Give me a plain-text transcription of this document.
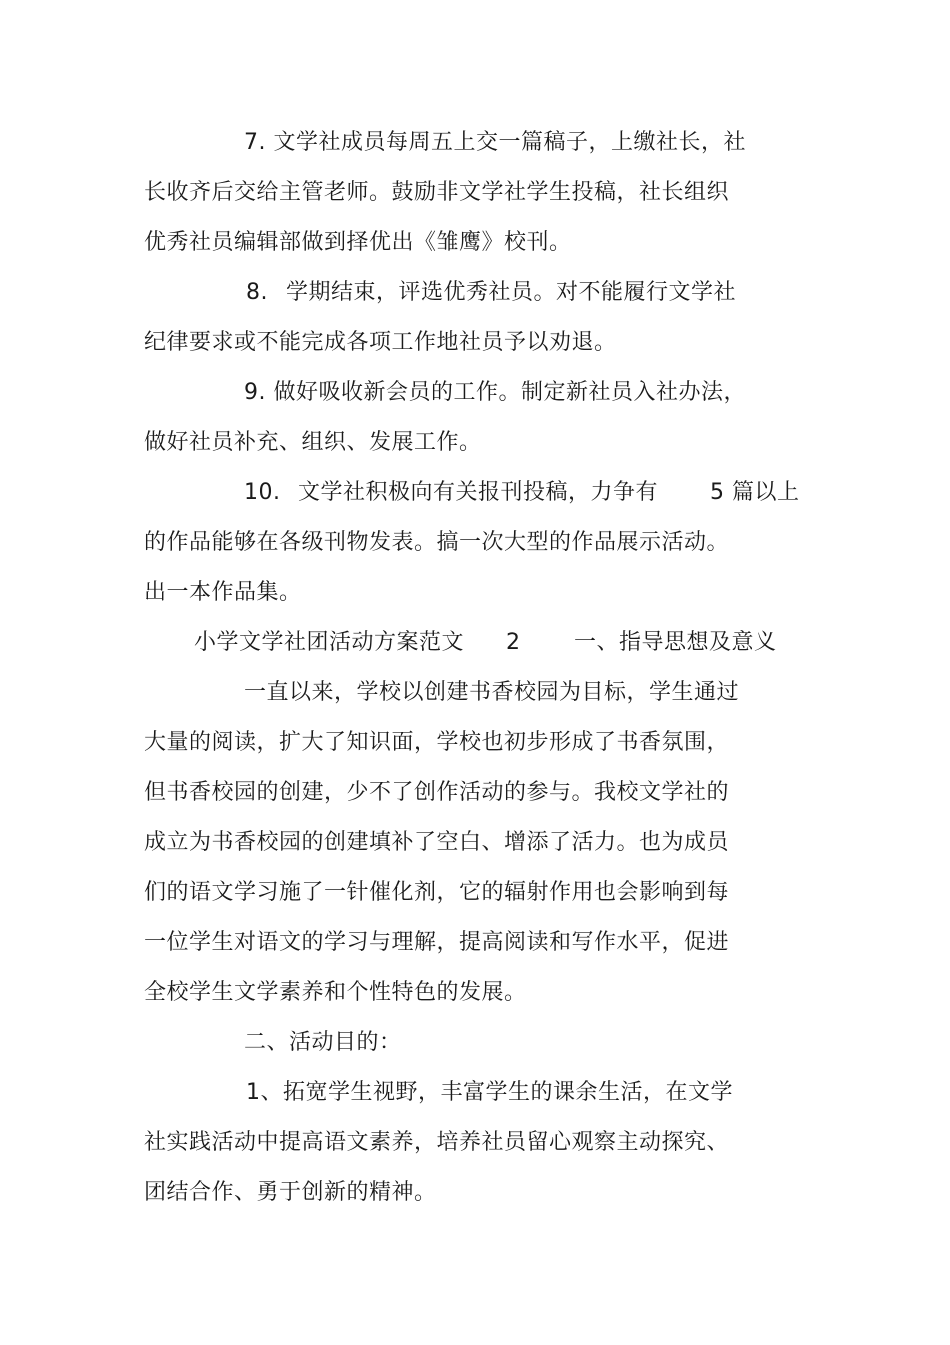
7. 文学社成员每周五上交一篇稿子，上缴社长，社
长收齐后交给主管老师。鼓励非文学社学生投稿，社长组织
优秀社员编辑部做到择优出《雏鹰》校刊。
8. 学期结束，评选优秀社员。对不能履行文学社
纪律要求或不能完成各项工作地社员予以劝退。
9. 做好吸收新会员的工作。制定新社员入社办法，
做好社员补充、组织、发展工作。
10. 文学社积极向有关报刊投稿，力争有 5 篇以上
的作品能够在各级刊物发表。搞一次大型的作品展示活动。
出一本作品集。
小学文学社团活动方案范文 2 一、指导思想及意义
一直以来，学校以创建书香校园为目标，学生通过
大量的阅读，扩大了知识面，学校也初步形成了书香氛围，
但书香校园的创建，少不了创作活动的参与。我校文学社的
成立为书香校园的创建填补了空白、增添了活力。也为成员
们的语文学习施了一针催化剂，它的辐射作用也会影响到每
一位学生对语文的学习与理解，提高阅读和写作水平，促进
全校学生文学素养和个性特色的发展。
二、活动目的：
1、拓宽学生视野，丰富学生的课余生活，在文学
社实践活动中提高语文素养，培养社员留心观察主动探究、
团结合作、勇于创新的精神。
